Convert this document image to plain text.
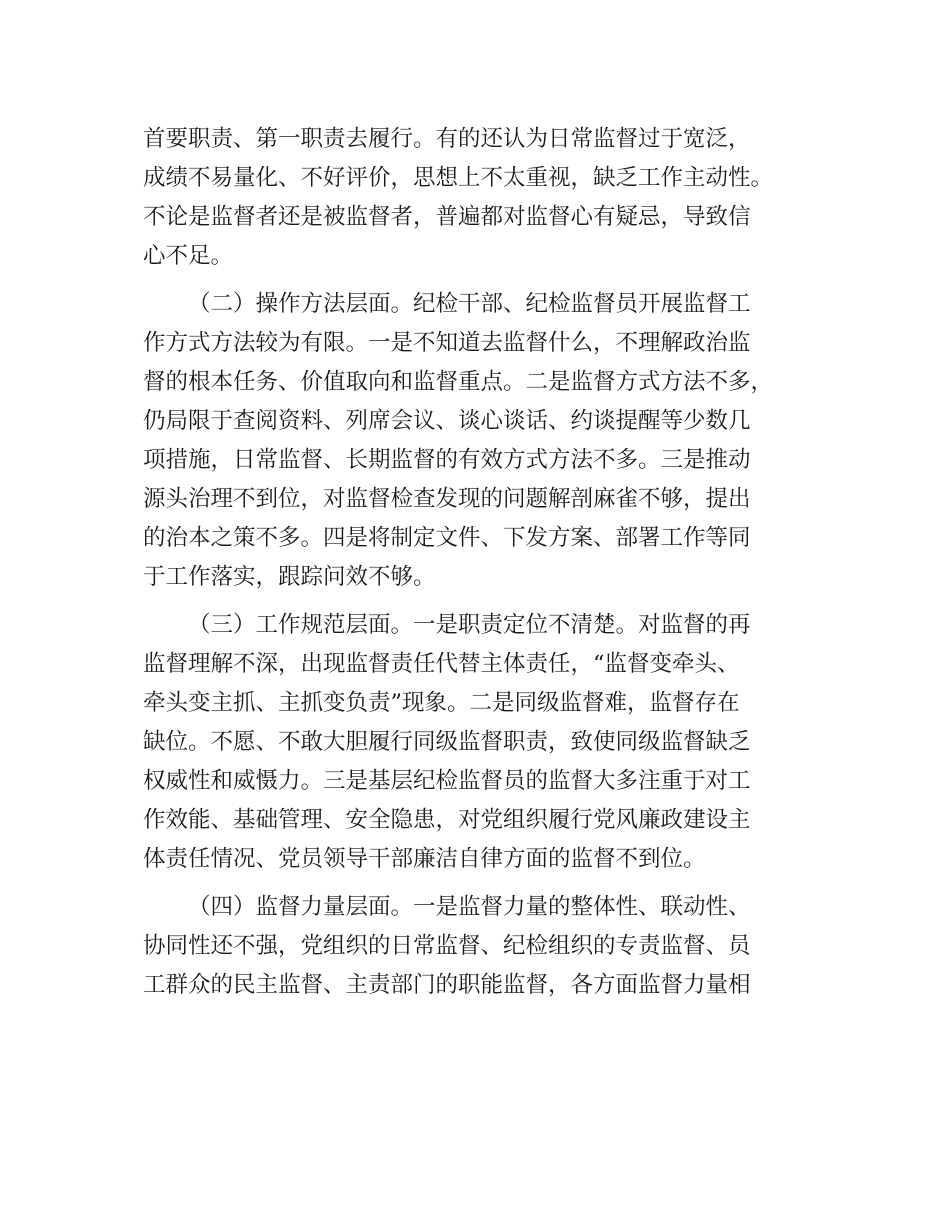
首要职责、第一职责去履行。有的还认为日常监督过于宽泛，
成绩不易量化、不好评价，思想上不太重视，缺乏工作主动性。
不论是监督者还是被监督者，普遍都对监督心有疑忌，导致信
心不足。
（二）操作方法层面。纪检干部、纪检监督员开展监督工
作方式方法较为有限。一是不知道去监督什么，不理解政治监
督的根本任务、价值取向和监督重点。二是监督方式方法不多，
仍局限于查阅资料、列席会议、谈心谈话、约谈提醒等少数几
项措施，日常监督、长期监督的有效方式方法不多。三是推动
源头治理不到位，对监督检查发现的问题解剖麻雀不够，提出
的治本之策不多。四是将制定文件、下发方案、部署工作等同
于工作落实，跟踪问效不够。
（三）工作规范层面。一是职责定位不清楚。对监督的再
监督理解不深，出现监督责任代替主体责任，“监督变牵头、
牵头变主抓、主抓变负责”现象。二是同级监督难，监督存在
缺位。不愿、不敢大胆履行同级监督职责，致使同级监督缺乏
权威性和威慑力。三是基层纪检监督员的监督大多注重于对工
作效能、基础管理、安全隐患，对党组织履行党风廉政建设主
体责任情况、党员领导干部廉洁自律方面的监督不到位。
（四）监督力量层面。一是监督力量的整体性、联动性、
协同性还不强，党组织的日常监督、纪检组织的专责监督、员
工群众的民主监督、主责部门的职能监督，各方面监督力量相
